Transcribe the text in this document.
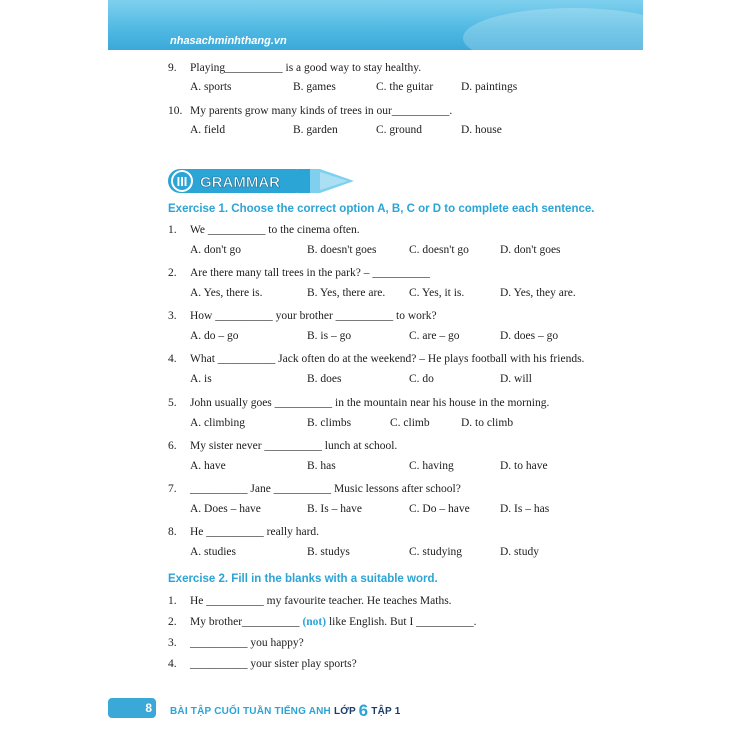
nhasachminhthang.vn
9. Playing__________ is a good way to stay healthy.
A. sports	B. games	C. the guitar D. paintings
10. My parents grow many kinds of trees in our__________.
A. field	B. garden	C. ground	D. house
III GRAMMAR
Exercise 1. Choose the correct option A, B, C or D to complete each sentence.
1. We __________ to the cinema often.
A. don't go	B. doesn't goes	C. doesn't go	D. don't goes
2. Are there many tall trees in the park? – __________
A. Yes, there is.	B. Yes, there are. C. Yes, it is.	D. Yes, they are.
3. How __________ your brother __________ to work?
A. do – go	B. is – go	C. are – go	D. does – go
4. What __________ Jack often do at the weekend? – He plays football with his friends.
A. is	B. does	C. do	D. will
5. John usually goes __________ in the mountain near his house in the morning.
A. climbing	B. climbs	C. climb	D. to climb
6. My sister never __________ lunch at school.
A. have	B. has	C. having	D. to have
7. __________ Jane __________ Music lessons after school?
A. Does – have	B. Is – have	C. Do – have	D. Is – has
8. He __________ really hard.
A. studies	B. studys	C. studying	D. study
Exercise 2. Fill in the blanks with a suitable word.
1. He __________ my favourite teacher. He teaches Maths.
2. My brother__________ (not) like English. But I __________.
3. __________ you happy?
4. __________ your sister play sports?
8	BÀI TẬP CUỐI TUẦN TIẾNG ANH LỚP 6 TẬP 1
